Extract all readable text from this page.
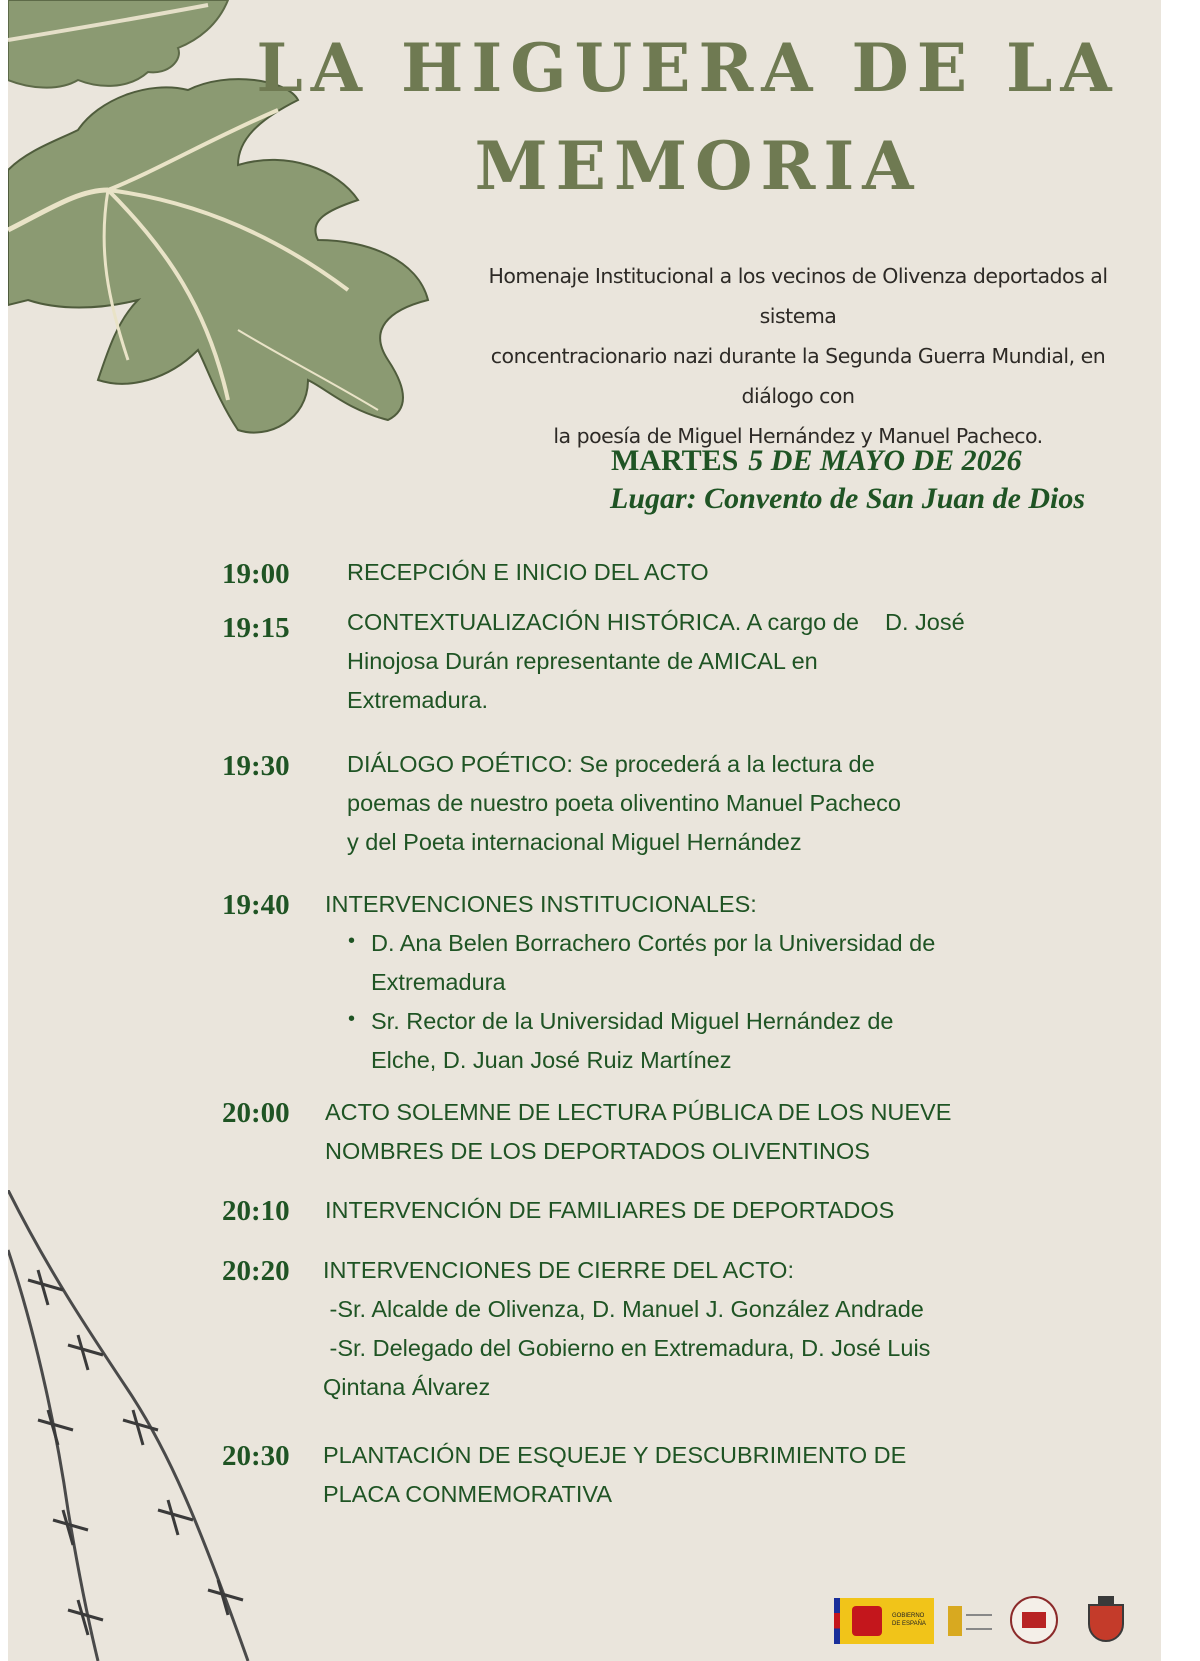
LA HIGUERA DE LA
MEMORIA
Homenaje Institucional a los vecinos de Olivenza deportados al sistema
concentracionario nazi durante la Segunda Guerra Mundial, en diálogo con
la poesía de Miguel Hernández y Manuel Pacheco.
MARTES 5 DE MAYO DE 2026
Lugar: Convento de San Juan de Dios
19:00 RECEPCIÓN E INICIO DEL ACTO
19:15 CONTEXTUALIZACIÓN HISTÓRICA. A cargo de    D. José
Hinojosa Durán representante de AMICAL en
Extremadura.
19:30 DIÁLOGO POÉTICO: Se procederá a la lectura de
poemas de nuestro poeta oliventino Manuel Pacheco
y del Poeta internacional Miguel Hernández
19:40 INTERVENCIONES INSTITUCIONALES:
• D. Ana Belen Borrachero Cortés por la Universidad de
Extremadura
• Sr. Rector de la Universidad Miguel Hernández de
Elche, D. Juan José Ruiz Martínez
20:00 ACTO SOLEMNE DE LECTURA PÚBLICA DE LOS NUEVE
NOMBRES DE LOS DEPORTADOS OLIVENTINOS
20:10 INTERVENCIÓN DE FAMILIARES DE DEPORTADOS
20:20 INTERVENCIONES DE CIERRE DEL ACTO:
-Sr. Alcalde de Olivenza, D. Manuel J. González Andrade
-Sr. Delegado del Gobierno en Extremadura, D. José Luis
Qintana Álvarez
20:30 PLANTACIÓN DE ESQUEJE Y DESCUBRIMIENTO DE
PLACA CONMEMORATIVA
GOBIERNO DE ESPAÑA
